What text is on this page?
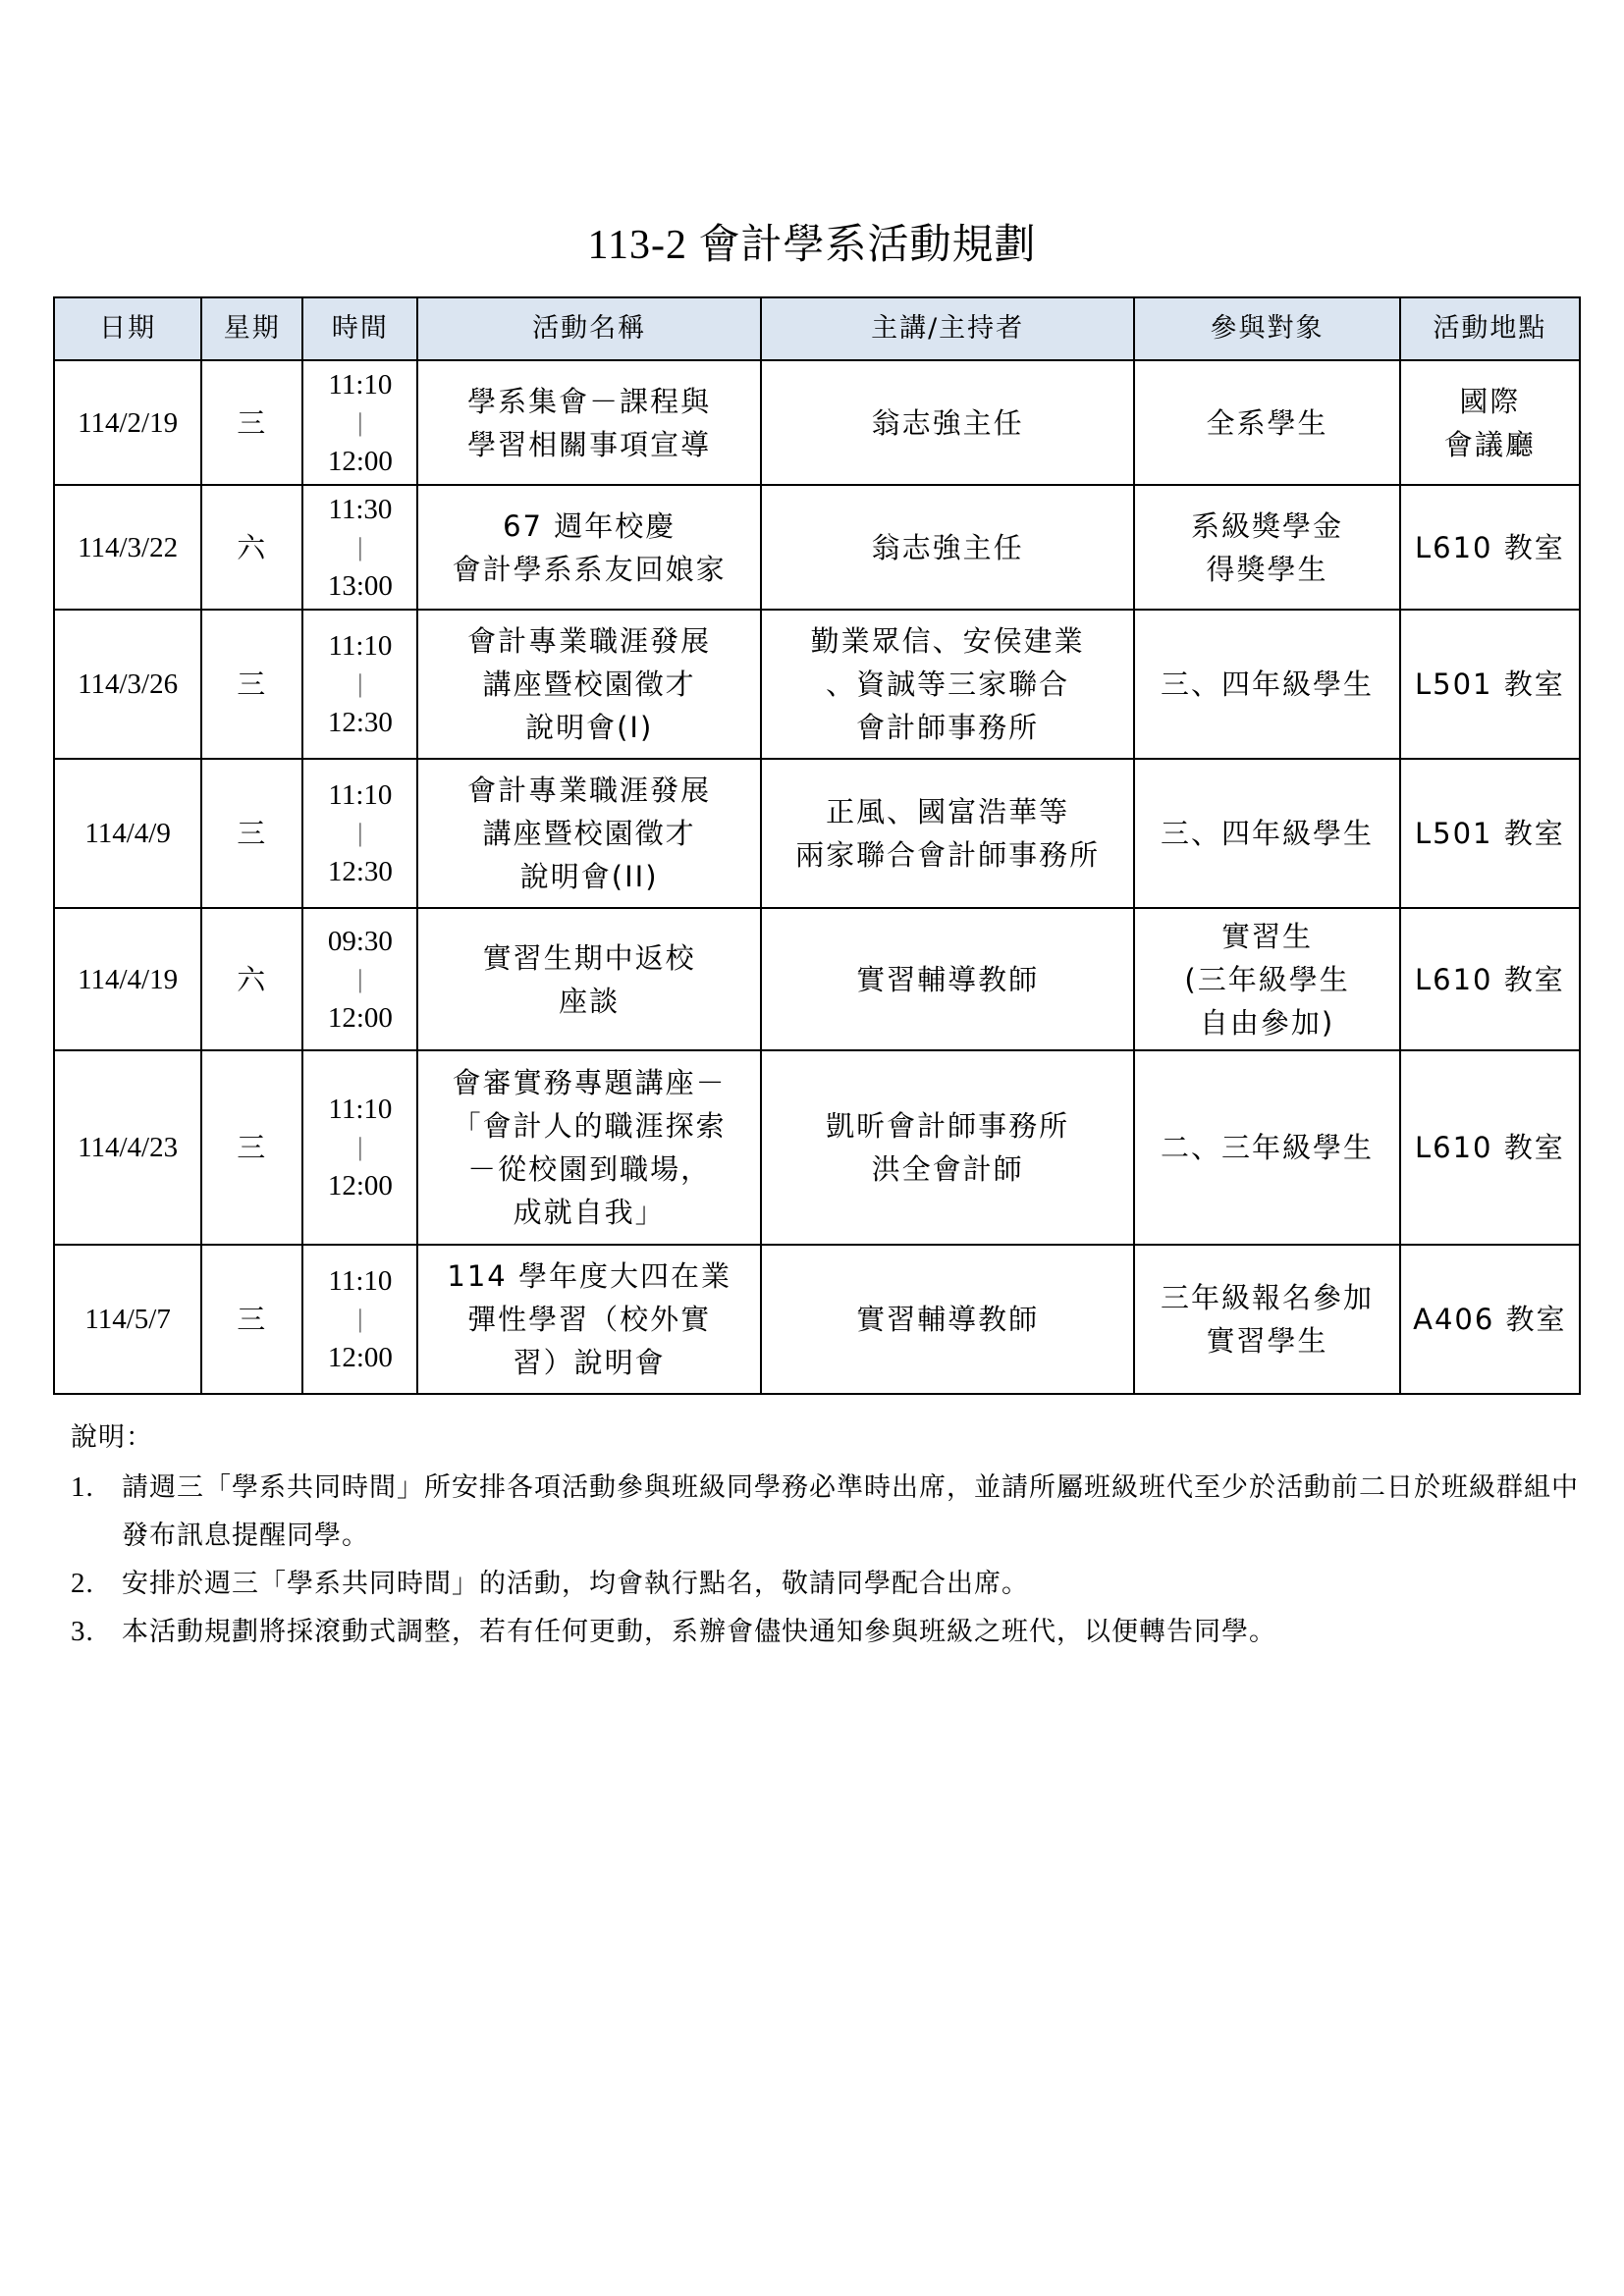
113-2 會計學系活動規劃
日期	星期	時間	活動名稱	主講/主持者	參與對象	活動地點
114/2/19	三	11:10
|
12:00	學系集會－課程與
學習相關事項宣導	翁志強主任	全系學生	國際
會議廳
114/3/22	六	11:30
|
13:00	67 週年校慶
會計學系系友回娘家	翁志強主任	系級獎學金
得獎學生	L610 教室
114/3/26	三	11:10
|
12:30	會計專業職涯發展
講座暨校園徵才
說明會(I)	勤業眾信、安侯建業
、資誠等三家聯合
會計師事務所	三、四年級學生	L501 教室
114/4/9	三	11:10
|
12:30	會計專業職涯發展
講座暨校園徵才
說明會(II)	正風、國富浩華等
兩家聯合會計師事務所	三、四年級學生	L501 教室
114/4/19	六	09:30
|
12:00	實習生期中返校
座談	實習輔導教師	實習生
(三年級學生
自由參加)	L610 教室
114/4/23	三	11:10
|
12:00	會審實務專題講座－
「會計人的職涯探索
－從校園到職場，
成就自我」	凱昕會計師事務所
洪全會計師	二、三年級學生	L610 教室
114/5/7	三	11:10
|
12:00	114 學年度大四在業
彈性學習（校外實
習）說明會	實習輔導教師	三年級報名參加
實習學生	A406 教室
說明：
1. 請週三「學系共同時間」所安排各項活動參與班級同學務必準時出席，並請所屬班級班代至少於活動前二日於班級群組中發布訊息提醒同學。
2. 安排於週三「學系共同時間」的活動，均會執行點名，敬請同學配合出席。
3. 本活動規劃將採滾動式調整，若有任何更動，系辦會儘快通知參與班級之班代，以便轉告同學。
